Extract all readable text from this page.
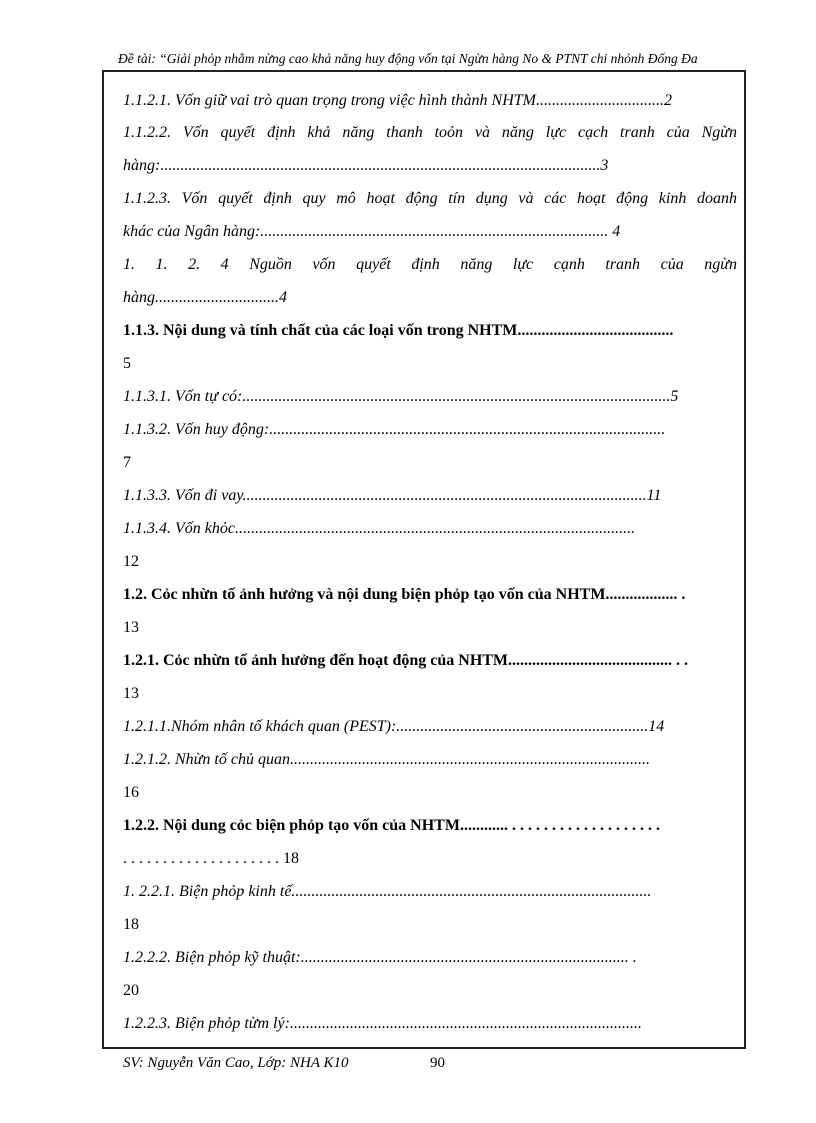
Đề tài: “Giải phỏp nhằm nừng cao khả năng huy động vốn tại Ngừn hàng No & PTNT chi nhỏnh Đống Đa
1.1.2.1. Vốn giữ vai trò quan trọng trong việc hình thành NHTM................................2
1.1.2.2. Vốn quyết định khả năng thanh toỏn và năng lực cạch tranh của Ngừn
hàng:..............................................................................................................3
1.1.2.3. Vốn quyết định quy mô hoạt động tín dụng và các hoạt động kinh doanh
khác của Ngân hàng:....................................................................................... 4
1. 1. 2. 4 Nguồn vốn quyết định năng lực cạnh tranh của ngừn
hàng...............................4
1.1.3. Nội dung và tính chất của các loại vốn trong NHTM.......................................
5
1.1.3.1. Vốn tự có:...........................................................................................................5
1.1.3.2. Vốn huy động:...................................................................................................
7
1.1.3.3. Vốn đi vay.....................................................................................................11
1.1.3.4. Vốn khỏc....................................................................................................
12
1.2. Cỏc nhừn tố ảnh hưởng và nội dung biện phỏp tạo vốn của NHTM.................. .
13
1.2.1. Cỏc nhừn tố ảnh hưởng đến hoạt động của NHTM......................................... . .
13
1.2.1.1.Nhóm nhân tố khách quan (PEST):...............................................................14
1.2.1.2. Nhừn tố chủ quan..........................................................................................
16
1.2.2. Nội dung cỏc biện phỏp tạo vốn của NHTM............ . . . . . . . . . . . . . . . . . . .
. . . . . . . . . . . . . . . . . . . . 18
1. 2.2.1. Biện phỏp kinh tế..........................................................................................
18
1.2.2.2. Biện phỏp kỹ thuật:.................................................................................. .
20
1.2.2.3. Biện phỏp từm lý:........................................................................................
SV: Nguyễn Văn Cao, Lớp: NHA K10	90
